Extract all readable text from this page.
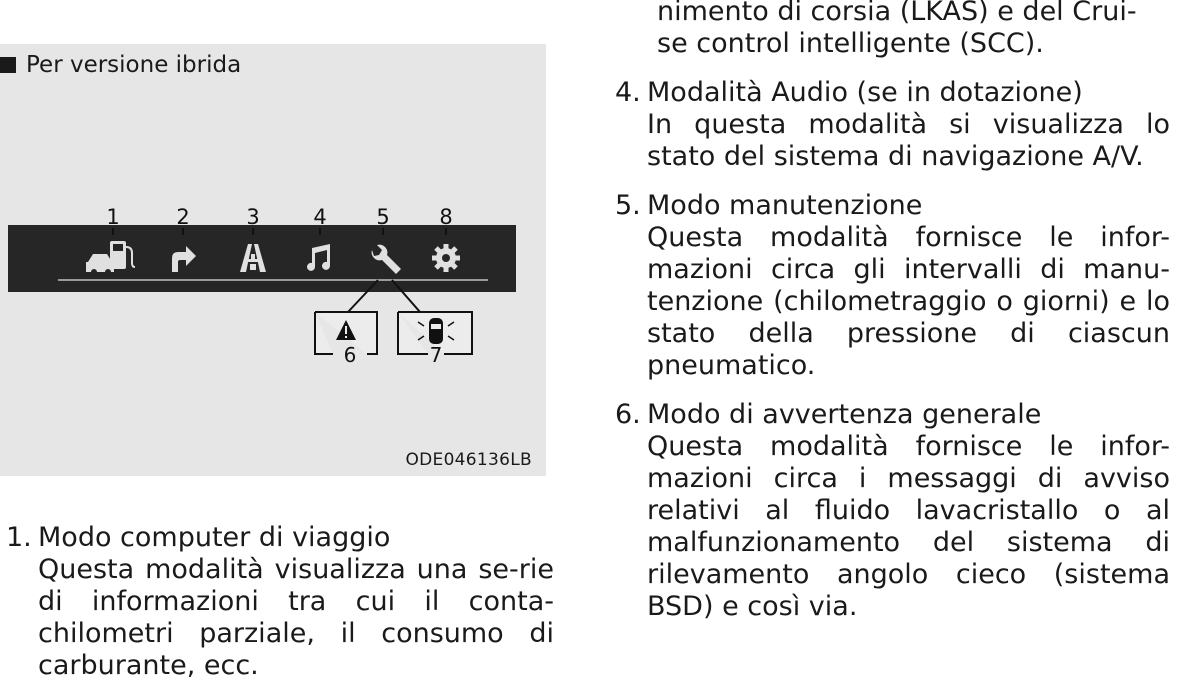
Per versione ibrida
1	2	3	4 5 8
6	7
ODE046136LB
1. Modo computer di viaggio
Questa modalità visualizza una se-rie di informazioni tra cui il conta-chilometri parziale, il consumo di carburante, ecc.
nimento di corsia (LKAS) e del Crui-
se control intelligente (SCC).
4. Modalità Audio (se in dotazione)
In questa modalità si visualizza lo stato del sistema di navigazione A/V.
5. Modo manutenzione
Questa modalità fornisce le infor-mazioni circa gli intervalli di manu-tenzione (chilometraggio o giorni) e lo stato della pressione di ciascun pneumatico.
6. Modo di avvertenza generale
Questa modalità fornisce le infor-mazioni circa i messaggi di avviso relativi al fluido lavacristallo o al malfunzionamento del sistema di rilevamento angolo cieco (sistema BSD) e così via.
